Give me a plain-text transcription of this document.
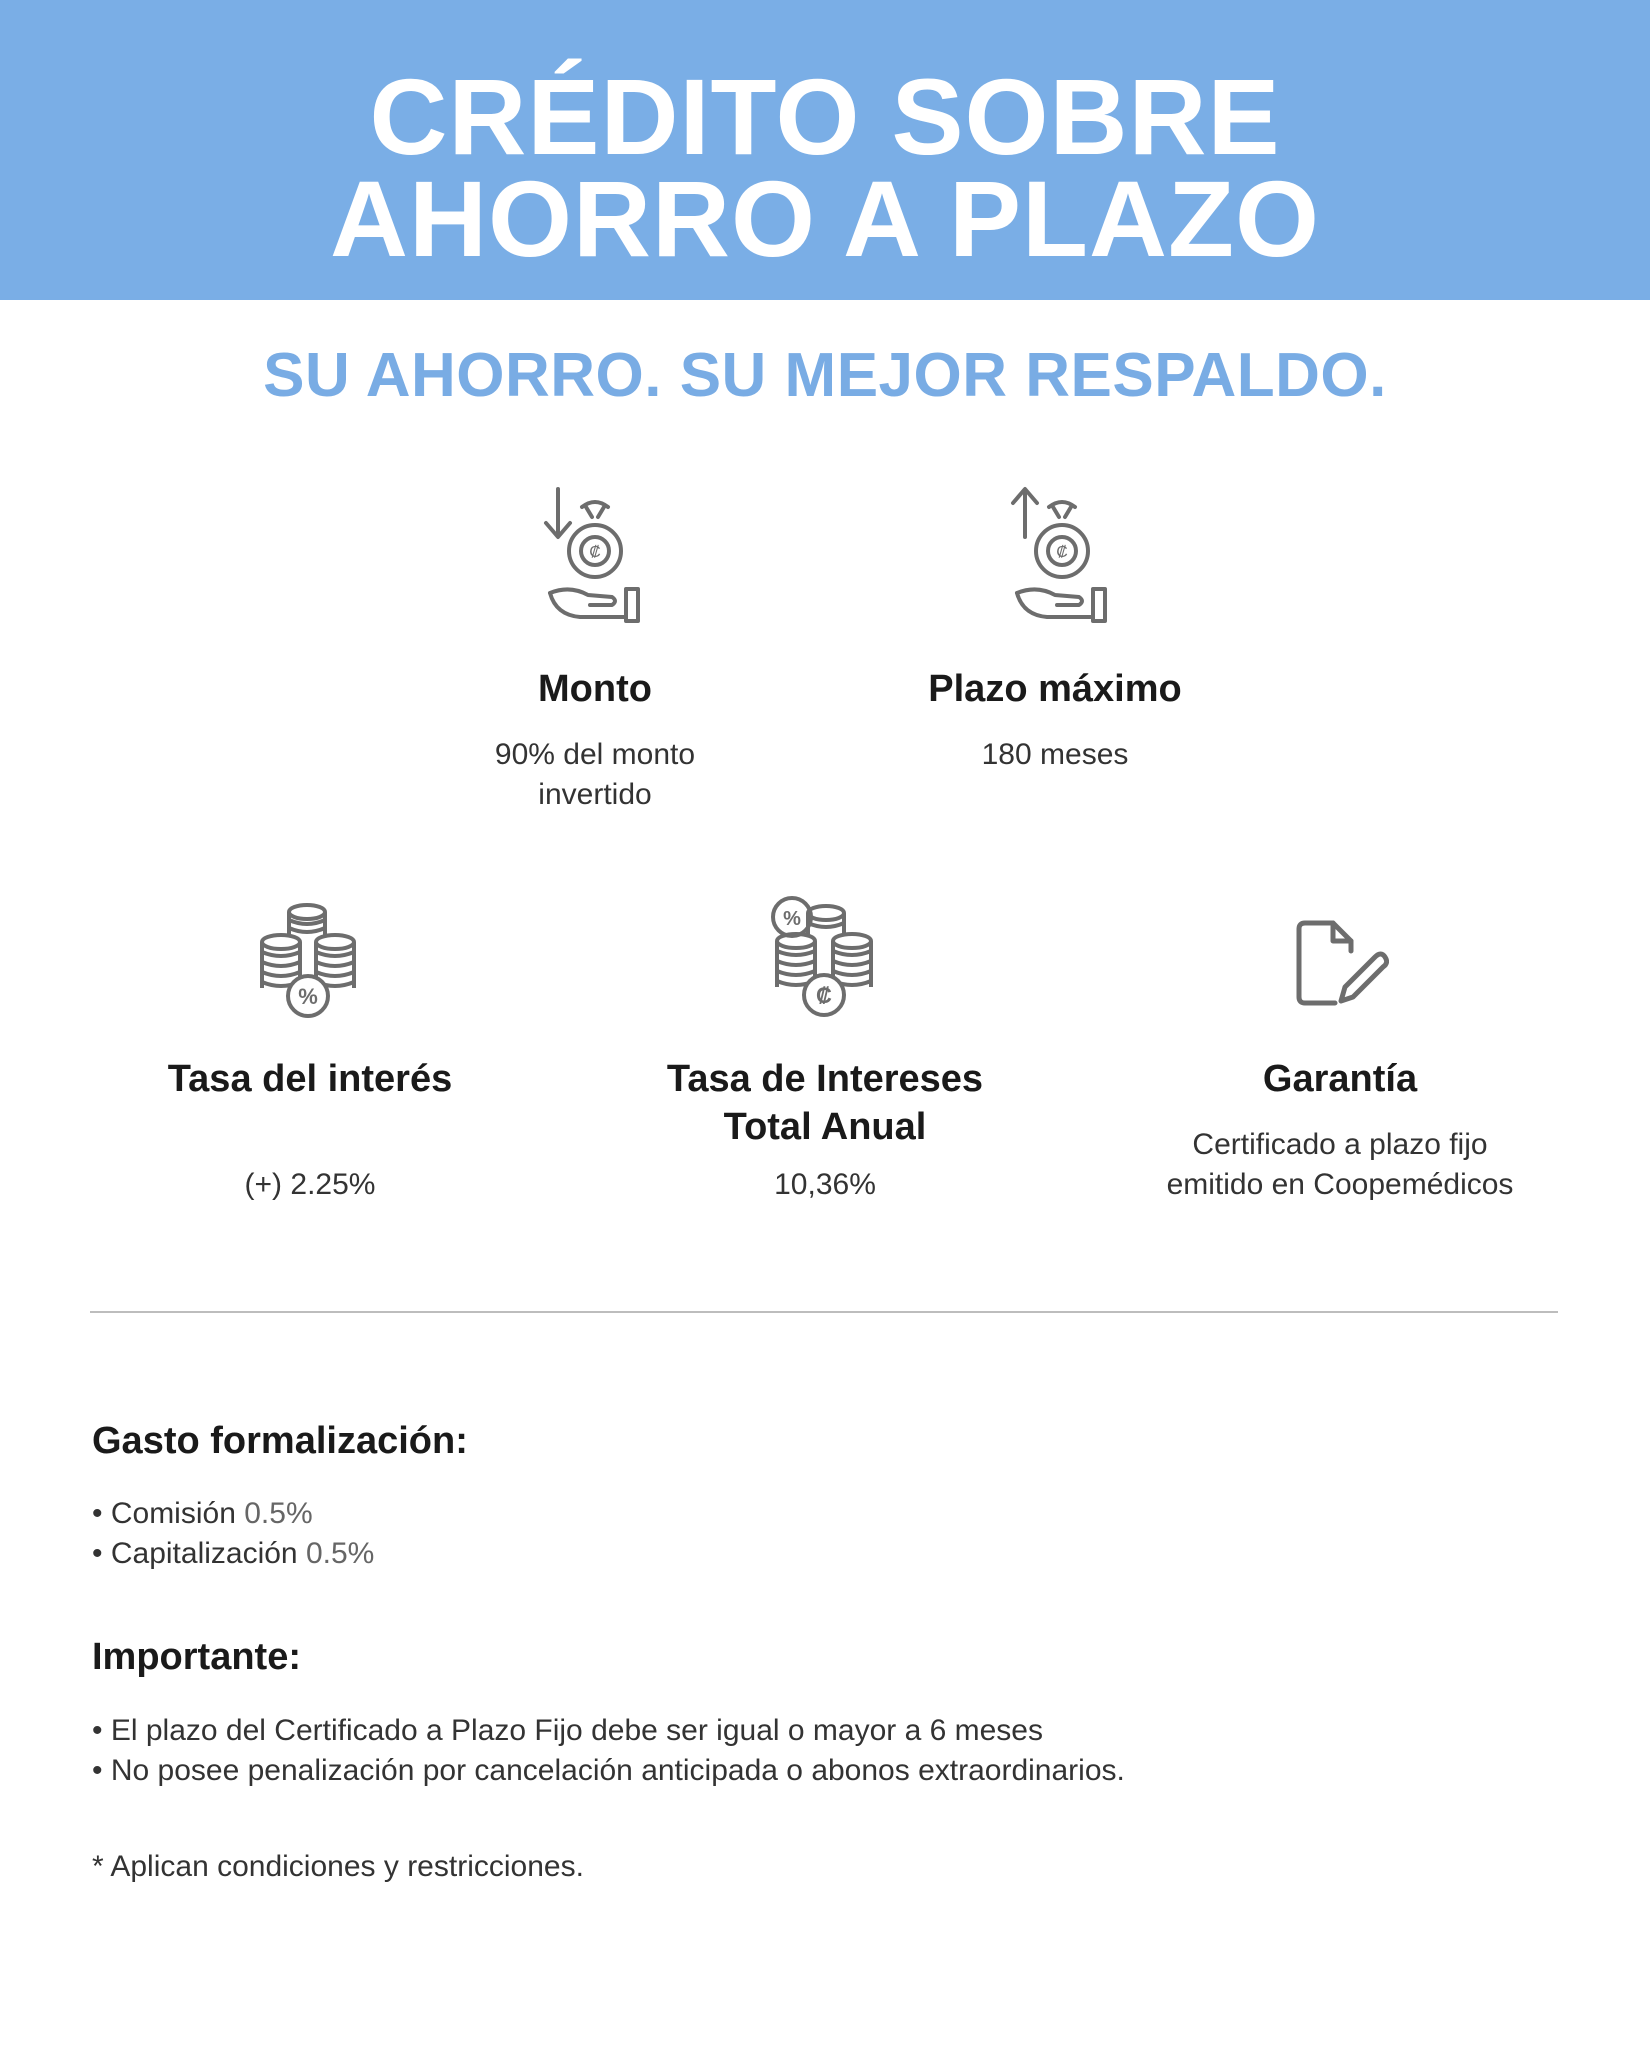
CRÉDITO SOBRE
AHORRO A PLAZO
SU AHORRO. SU MEJOR RESPALDO.
₡
Monto
90% del monto
invertido
₡
Plazo máximo
180 meses
%
Tasa del interés
(+) 2.25%
%
₡
Tasa de Intereses
Total Anual
10,36%
Garantía
Certificado a plazo fijo
emitido en Coopemédicos
Gasto formalización:
• Comisión 0.5%
• Capitalización 0.5%
Importante:
• El plazo del Certificado a Plazo Fijo debe ser igual o mayor a 6 meses
• No posee penalización por cancelación anticipada o abonos extraordinarios.
* Aplican condiciones y restricciones.
